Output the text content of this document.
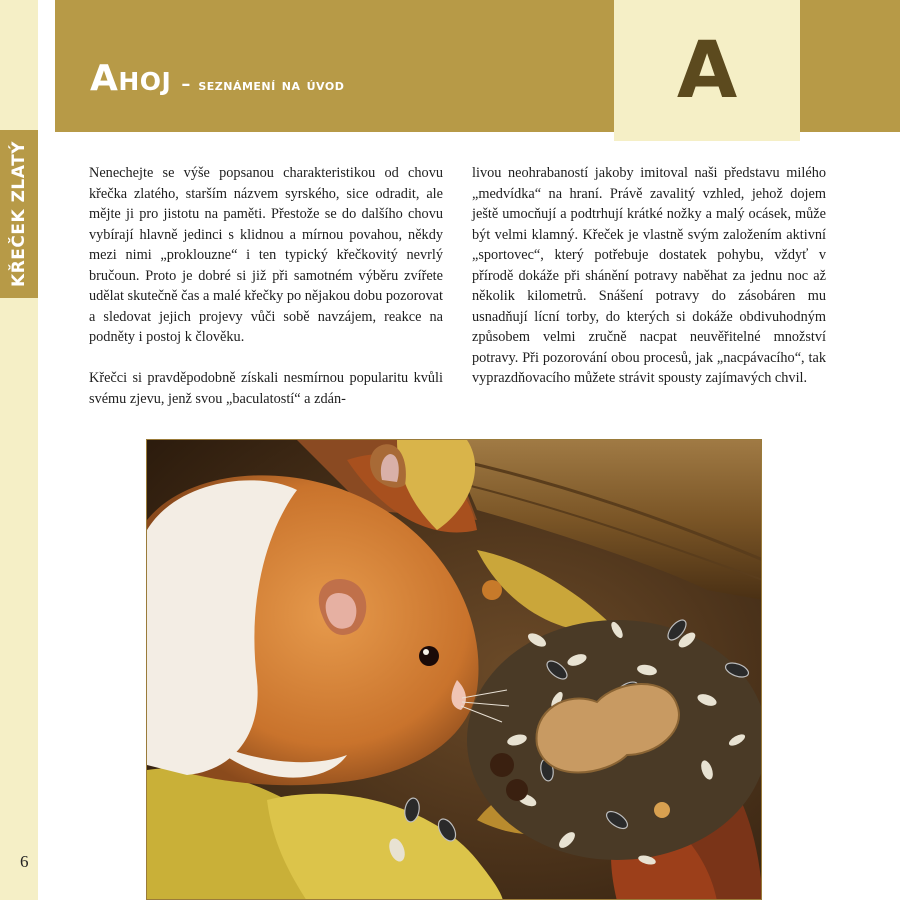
KŘEČEK ZLATÝ
6
Ahoj – seznámení na úvod	A

Nenechejte se výše popsanou charakteristikou od chovu křečka zlatého, starším názvem syrského, sice odradit, ale mějte ji pro jistotu na paměti. Přestože se do dalšího chovu vybírají hlavně jedinci s klidnou a mírnou povahou, někdy mezi nimi „proklouzne“ i ten typický křečkovitý nevrlý bručoun. Proto je dobré si již při samotném výběru zvířete udělat skutečně čas a malé křečky po nějakou dobu pozorovat a sledovat jejich projevy vůči sobě navzájem, reakce na podněty i postoj k člověku.

Křečci si pravděpodobně získali nesmírnou popularitu kvůli svému zjevu, jenž svou „baculatostí“ a zdán-

livou neohrabaností jakoby imitoval naši představu milého „medvídka“ na hraní. Právě zavalitý vzhled, jehož dojem ještě umocňují a podtrhují krátké nožky a malý ocásek, může být velmi klamný. Křeček je vlastně svým založením aktivní „sportovec“, který potřebuje dostatek pohybu, vždyť v přírodě dokáže při shánění potravy naběhat za jednu noc až několik kilometrů. Snášení potravy do zásobáren mu usnadňují lícní torby, do kterých si dokáže obdivuhodným způsobem velmi zručně nacpat neuvěřitelné množství potravy. Při pozorování obou procesů, jak „nacpávacího“, tak vyprazdňovacího můžete strávit spousty zajímavých chvil.
